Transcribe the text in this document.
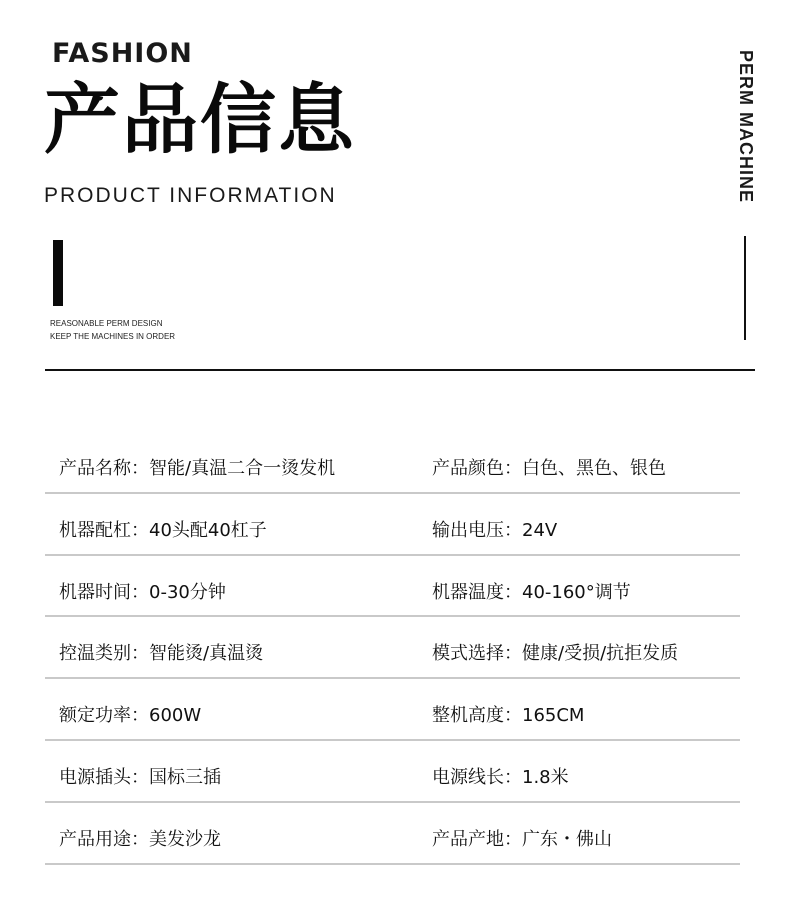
FASHION
产品信息
PRODUCT INFORMATION
REASONABLE PERM DESIGN
KEEP THE MACHINES IN ORDER
PERM MACHINE
产品名称：智能/真温二合一烫发机	产品颜色：白色、黑色、银色
机器配杠：40头配40杠子	输出电压：24V
机器时间：0-30分钟	机器温度：40-160°调节
控温类别：智能烫/真温烫	模式选择：健康/受损/抗拒发质
额定功率：600W	整机高度：165CM
电源插头：国标三插	电源线长：1.8米
产品用途：美发沙龙	产品产地：广东・佛山
